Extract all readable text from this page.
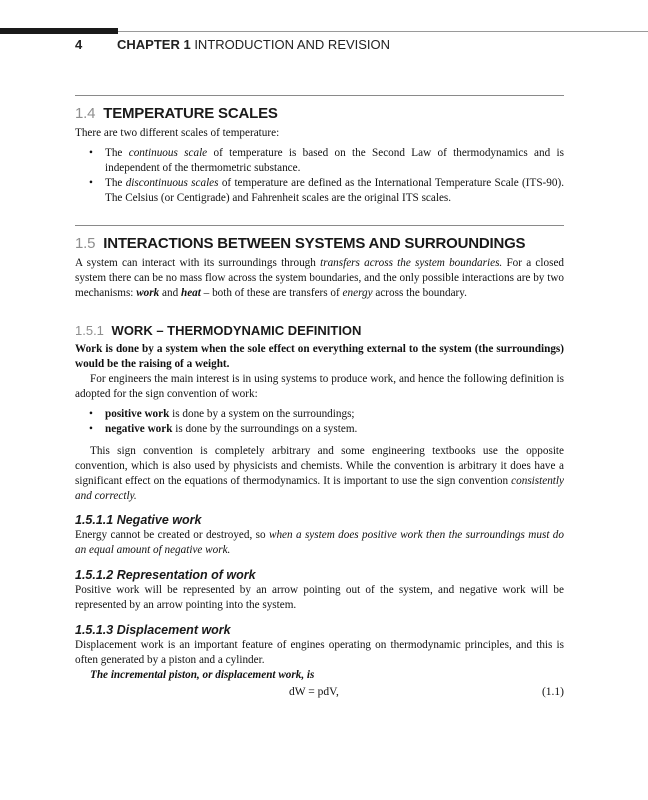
4	CHAPTER 1 INTRODUCTION AND REVISION
1.4 TEMPERATURE SCALES

There are two different scales of temperature:

• The continuous scale of temperature is based on the Second Law of thermodynamics and is independent of the thermometric substance.
• The discontinuous scales of temperature are defined as the International Temperature Scale (ITS-90). The Celsius (or Centigrade) and Fahrenheit scales are the original ITS scales.
1.5 INTERACTIONS BETWEEN SYSTEMS AND SURROUNDINGS

A system can interact with its surroundings through transfers across the system boundaries. For a closed system there can be no mass flow across the system boundaries, and the only possible interactions are by two mechanisms: work and heat – both of these are transfers of energy across the boundary.

1.5.1 WORK – THERMODYNAMIC DEFINITION

Work is done by a system when the sole effect on everything external to the system (the surroundings) would be the raising of a weight.

For engineers the main interest is in using systems to produce work, and hence the following definition is adopted for the sign convention of work:

• positive work is done by a system on the surroundings;
• negative work is done by the surroundings on a system.

This sign convention is completely arbitrary and some engineering textbooks use the opposite convention, which is also used by physicists and chemists. While the convention is arbitrary it does have a significant effect on the equations of thermodynamics. It is important to use the sign convention consistently and correctly.

1.5.1.1 Negative work

Energy cannot be created or destroyed, so when a system does positive work then the surroundings must do an equal amount of negative work.

1.5.1.2 Representation of work

Positive work will be represented by an arrow pointing out of the system, and negative work will be represented by an arrow pointing into the system.

1.5.1.3 Displacement work

Displacement work is an important feature of engines operating on thermodynamic principles, and this is often generated by a piston and a cylinder.

The incremental piston, or displacement work, is

dW = pdV,	(1.1)
